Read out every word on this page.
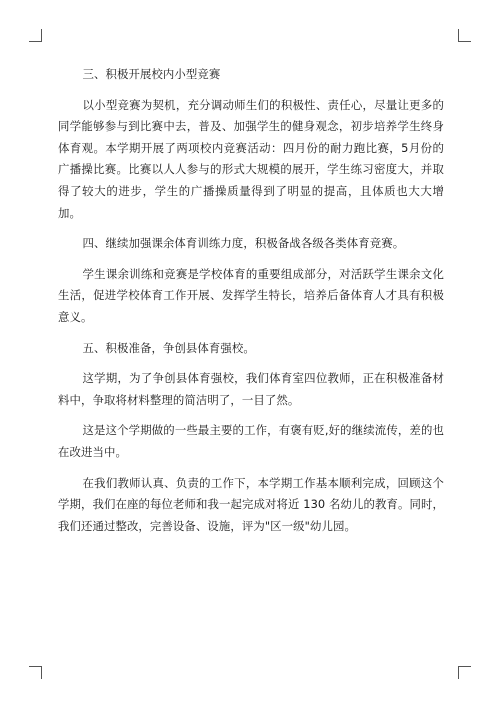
三、积极开展校内小型竞赛

以小型竞赛为契机，充分调动师生们的积极性、责任心，尽量让更多的同学能够参与到比赛中去，普及、加强学生的健身观念，初步培养学生终身体育观。本学期开展了两项校内竞赛活动：四月份的耐力跑比赛，5月份的广播操比赛。比赛以人人参与的形式大规模的展开，学生练习密度大，并取得了较大的进步，学生的广播操质量得到了明显的提高，且体质也大大增加。

四、继续加强课余体育训练力度，积极备战各级各类体育竞赛。

学生课余训练和竞赛是学校体育的重要组成部分，对活跃学生课余文化生活，促进学校体育工作开展、发挥学生特长，培养后备体育人才具有积极意义。

五、积极准备，争创县体育强校。

这学期，为了争创县体育强校，我们体育室四位教师，正在积极准备材料中，争取将材料整理的简洁明了，一目了然。

这是这个学期做的一些最主要的工作，有褒有贬,好的继续流传，差的也在改进当中。

在我们教师认真、负责的工作下，本学期工作基本顺利完成，回顾这个学期，我们在座的每位老师和我一起完成对将近 130 名幼儿的教育。同时，我们还通过整改，完善设备、设施，评为"区一级"幼儿园。
